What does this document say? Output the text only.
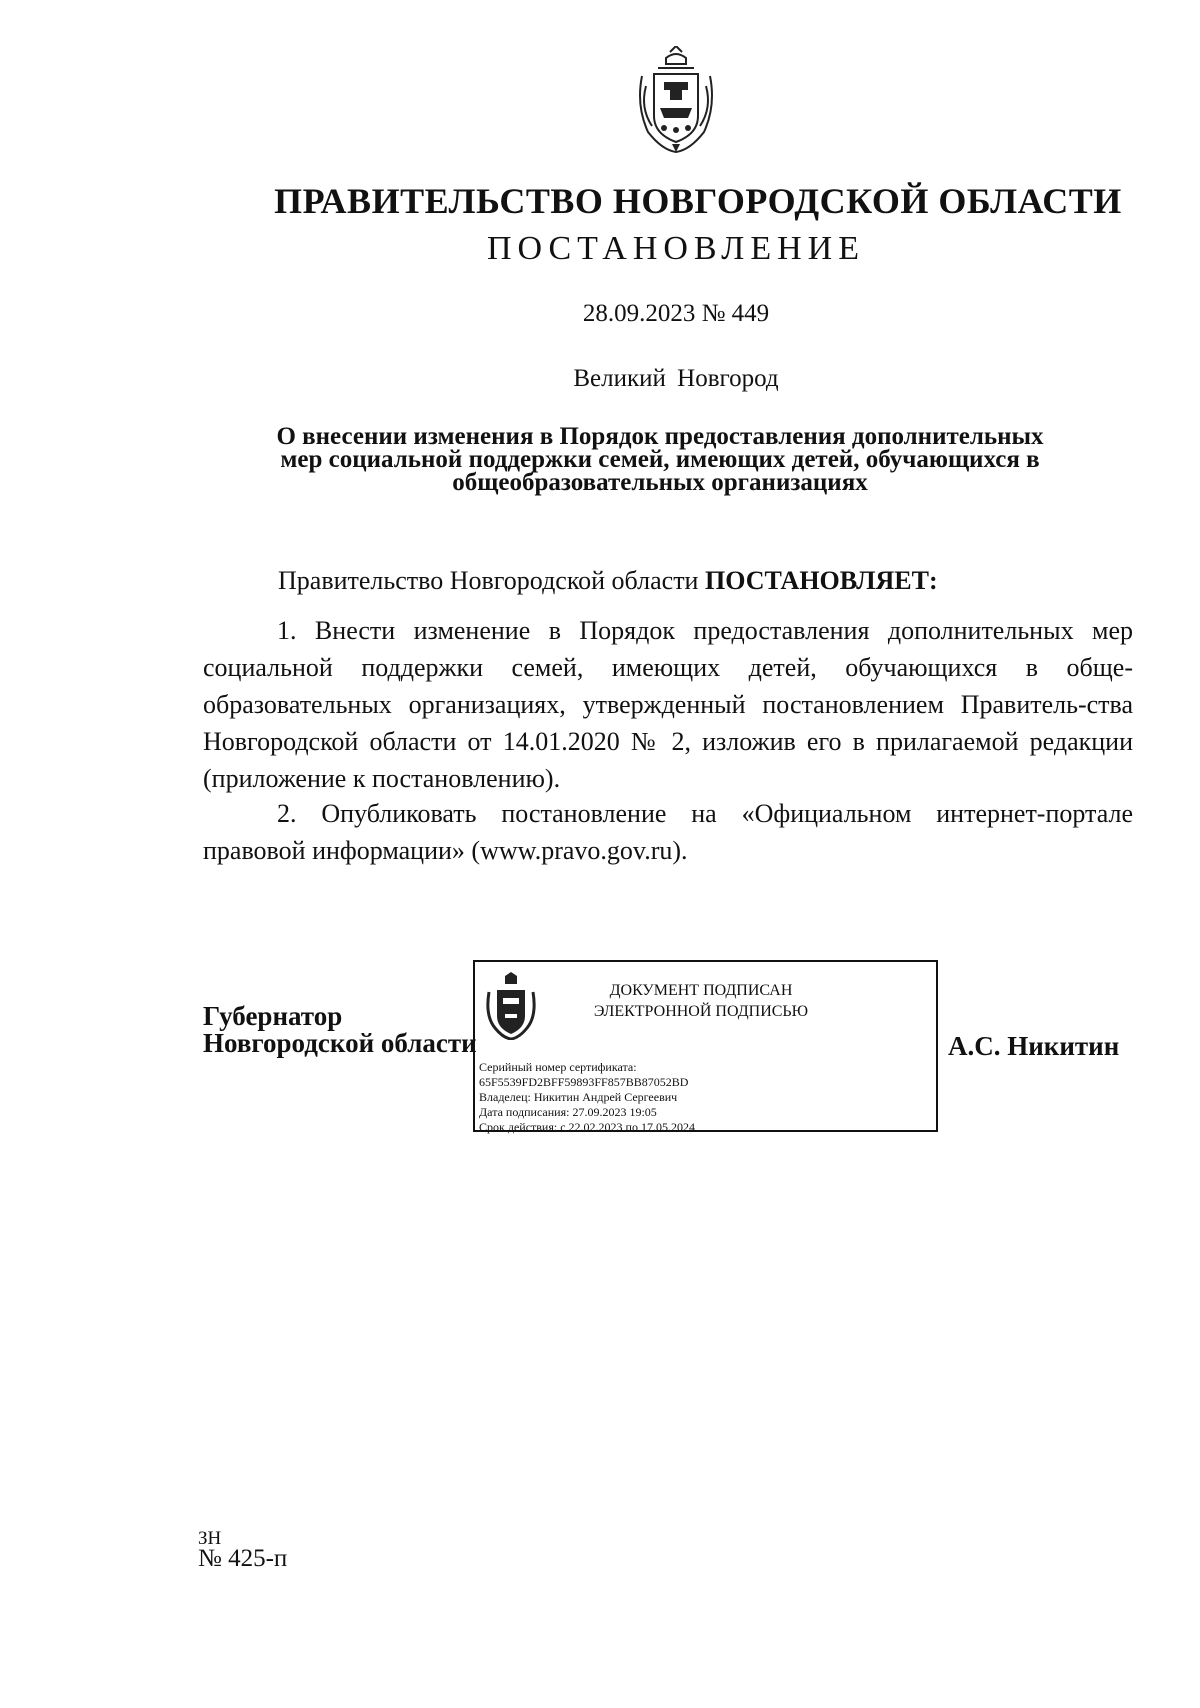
ПРАВИТЕЛЬСТВО НОВГОРОДСКОЙ ОБЛАСТИ
ПОСТАНОВЛЕНИЕ
28.09.2023 № 449
Великий Новгород
О внесении изменения в Порядок предоставления дополнительных
мер социальной поддержки семей, имеющих детей, обучающихся в
общеобразовательных организациях
Правительство Новгородской области ПОСТАНОВЛЯЕТ:
1. Внести изменение в Порядок предоставления дополнительных мер социальной поддержки семей, имеющих детей, обучающихся в обще-образовательных организациях, утвержденный постановлением Правитель-ства Новгородской области от 14.01.2020 № 2, изложив его в прилагаемой редакции (приложение к постановлению).
2. Опубликовать постановление на «Официальном интернет-портале правовой информации» (www.pravo.gov.ru).
Губернатор
Новгородской области
ДОКУМЕНТ ПОДПИСАН
ЭЛЕКТРОННОЙ ПОДПИСЬЮ
Серийный номер сертификата:
65F5539FD2BFF59893FF857BB87052BD
Владелец: Никитин Андрей Сергеевич
Дата подписания: 27.09.2023 19:05
Срок действия: с 22.02.2023 по 17.05.2024
А.С. Никитин
ЗН
№ 425-п
